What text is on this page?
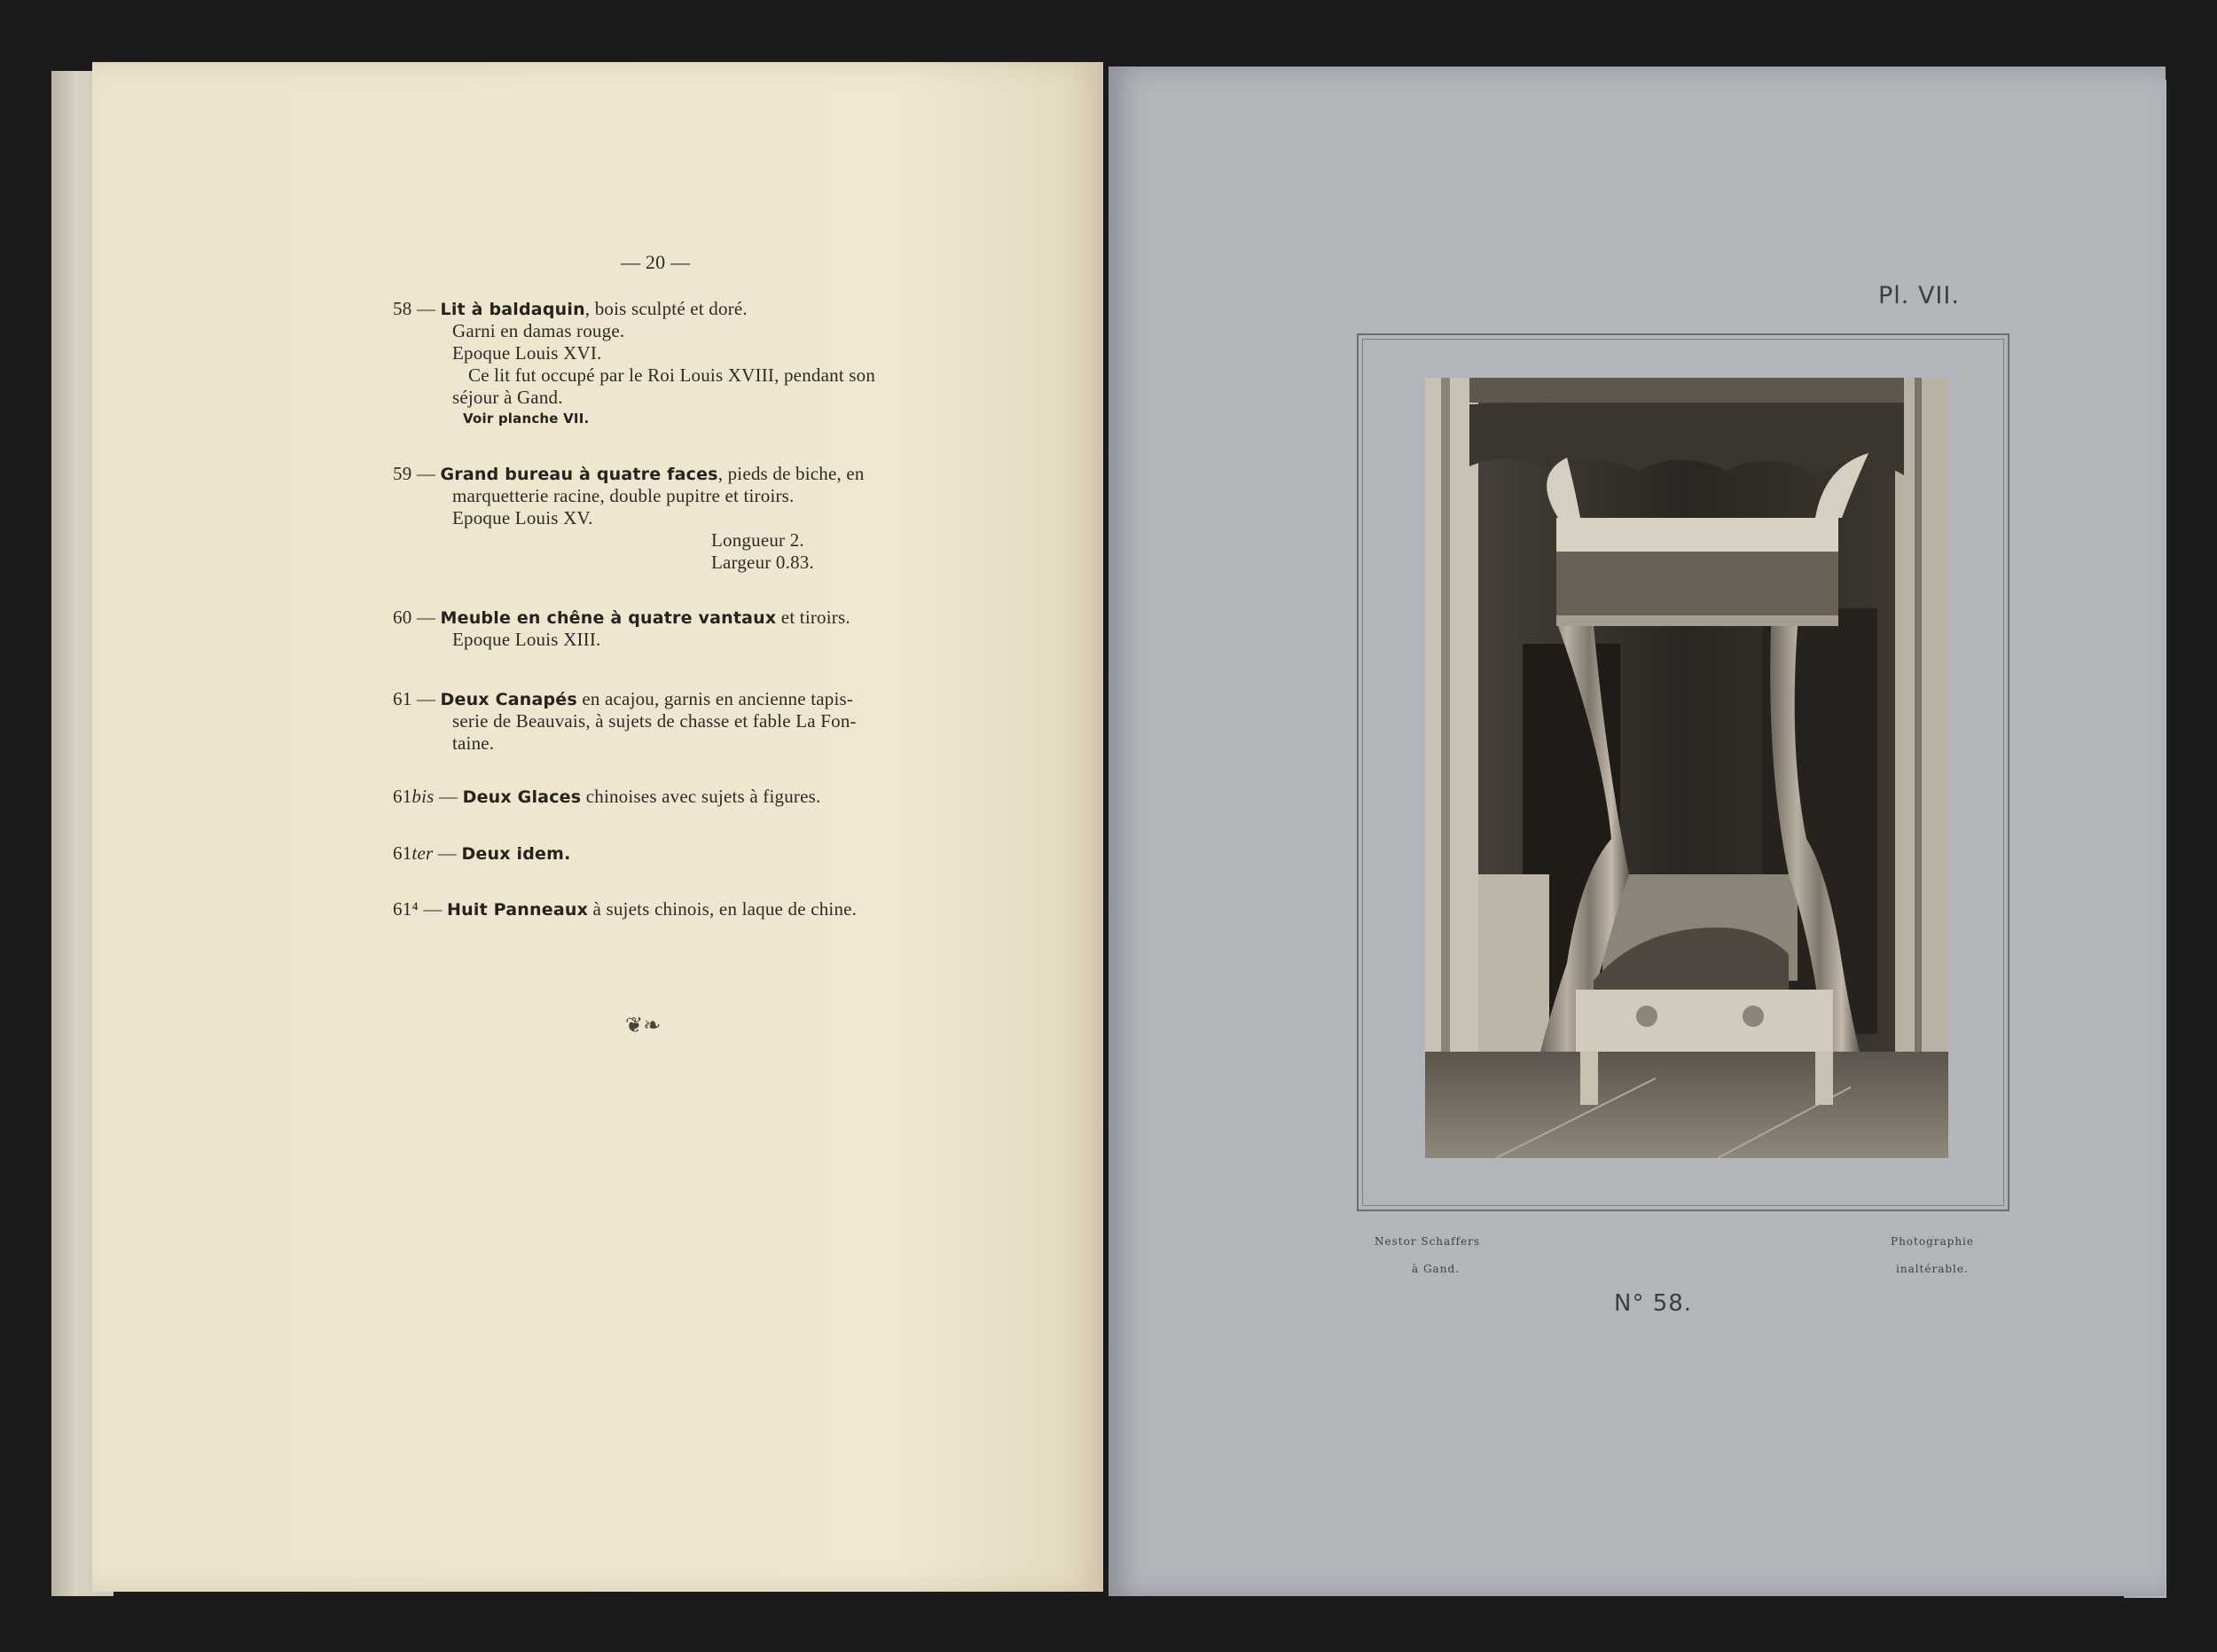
— 20 —
58 — Lit à baldaquin, bois sculpté et doré.
Garni en damas rouge.
Epoque Louis XVI.
Ce lit fut occupé par le Roi Louis XVIII, pendant son
séjour à Gand.
Voir planche VII.
59 — Grand bureau à quatre faces, pieds de biche, en
marquetterie racine, double pupitre et tiroirs.
Epoque Louis XV.
Longueur 2.
Largeur 0.83.
60 — Meuble en chêne à quatre vantaux et tiroirs.
Epoque Louis XIII.
61 — Deux Canapés en acajou, garnis en ancienne tapis-
serie de Beauvais, à sujets de chasse et fable La Fon-
taine.
61bis — Deux Glaces chinoises avec sujets à figures.
61ter — Deux idem.
61⁴ — Huit Panneaux à sujets chinois, en laque de chine.
❦❧
Pl. VII.
Nestor Schaffers
à Gand.
Photographie
inaltérable.
N° 58.
